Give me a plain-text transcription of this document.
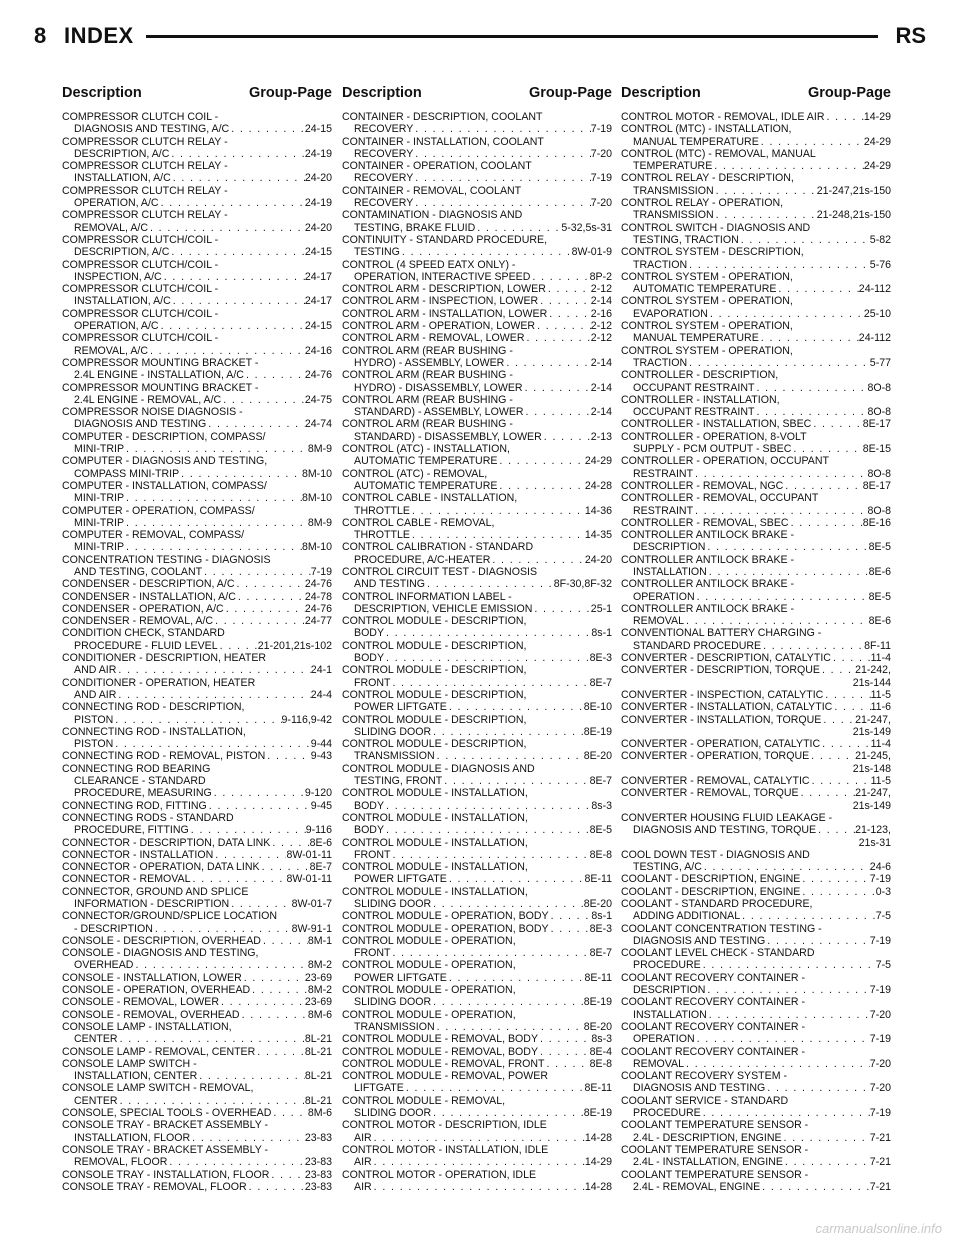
8 INDEX	RS
Description	Group-Page Description	Group-Page Description	Group-Page
COMPRESSOR CLUTCH COIL -
DIAGNOSIS AND TESTING, A/C . . .	24-15
COMPRESSOR CLUTCH RELAY -
DESCRIPTION, A/C . . .	24-19
COMPRESSOR CLUTCH RELAY -
INSTALLATION, A/C . . .	24-20
COMPRESSOR CLUTCH RELAY -
OPERATION, A/C . . .	24-19
COMPRESSOR CLUTCH RELAY -
REMOVAL, A/C . . .	24-20
COMPRESSOR CLUTCH/COIL -
DESCRIPTION, A/C . . .	24-15
COMPRESSOR CLUTCH/COIL -
INSPECTION, A/C . . .	24-17
COMPRESSOR CLUTCH/COIL -
INSTALLATION, A/C . . .	24-17
COMPRESSOR CLUTCH/COIL -
OPERATION, A/C . . .	24-15
COMPRESSOR CLUTCH/COIL -
REMOVAL, A/C . . .	24-16
COMPRESSOR MOUNTING BRACKET -
2.4L ENGINE - INSTALLATION, A/C . . .	24-76
COMPRESSOR MOUNTING BRACKET -
2.4L ENGINE - REMOVAL, A/C . . .	24-75
COMPRESSOR NOISE DIAGNOSIS -
DIAGNOSIS AND TESTING . . .	24-74
COMPUTER - DESCRIPTION, COMPASS/
MINI-TRIP . . .	8M-9
COMPUTER - DIAGNOSIS AND TESTING,
COMPASS MINI-TRIP . . .	8M-10
COMPUTER - INSTALLATION, COMPASS/
MINI-TRIP . . .	8M-10
COMPUTER - OPERATION, COMPASS/
MINI-TRIP . . .	8M-9
COMPUTER - REMOVAL, COMPASS/
MINI-TRIP . . .	8M-10
CONCENTRATION TESTING - DIAGNOSIS
AND TESTING, COOLANT . . .	7-19
CONDENSER - DESCRIPTION, A/C . . .	24-76
CONDENSER - INSTALLATION, A/C . . .	24-78
CONDENSER - OPERATION, A/C . . .	24-76
CONDENSER - REMOVAL, A/C . . .	24-77
CONDITION CHECK, STANDARD
PROCEDURE - FLUID LEVEL . . .	21-201,21s-102
CONDITIONER - DESCRIPTION, HEATER
AND AIR . . .	24-1
CONDITIONER - OPERATION, HEATER
AND AIR . . .	24-4
CONNECTING ROD - DESCRIPTION,
PISTON . . .	9-116,9-42
CONNECTING ROD - INSTALLATION,
PISTON . . .	9-44
CONNECTING ROD - REMOVAL, PISTON . . .	9-43
CONNECTING ROD BEARING
CLEARANCE - STANDARD
PROCEDURE, MEASURING . . .	9-120
CONNECTING ROD, FITTING . . .	9-45
CONNECTING RODS - STANDARD
PROCEDURE, FITTING . . .	9-116
CONNECTOR - DESCRIPTION, DATA LINK . . .	8E-6
CONNECTOR - INSTALLATION . . .	8W-01-11
CONNECTOR - OPERATION, DATA LINK . . .	8E-7
CONNECTOR - REMOVAL . . .	8W-01-11
CONNECTOR, GROUND AND SPLICE
INFORMATION - DESCRIPTION . . .	8W-01-7
CONNECTOR/GROUND/SPLICE LOCATION
- DESCRIPTION . . .	8W-91-1
CONSOLE - DESCRIPTION, OVERHEAD . . .	8M-1
CONSOLE - DIAGNOSIS AND TESTING,
OVERHEAD . . .	8M-2
CONSOLE - INSTALLATION, LOWER . . .	23-69
CONSOLE - OPERATION, OVERHEAD . . .	8M-2
CONSOLE - REMOVAL, LOWER . . .	23-69
CONSOLE - REMOVAL, OVERHEAD . . .	8M-6
CONSOLE LAMP - INSTALLATION,
CENTER . . .	8L-21
CONSOLE LAMP - REMOVAL, CENTER . . .	8L-21
CONSOLE LAMP SWITCH -
INSTALLATION, CENTER . . .	8L-21
CONSOLE LAMP SWITCH - REMOVAL,
CENTER . . .	8L-21
CONSOLE, SPECIAL TOOLS - OVERHEAD . . .	8M-6
CONSOLE TRAY - BRACKET ASSEMBLY -
INSTALLATION, FLOOR . . .	23-83
CONSOLE TRAY - BRACKET ASSEMBLY -
REMOVAL, FLOOR . . .	23-83
CONSOLE TRAY - INSTALLATION, FLOOR . . .	23-83
CONSOLE TRAY - REMOVAL, FLOOR . . .	23-83
CONTAINER - DESCRIPTION, COOLANT
RECOVERY . . .	7-19
CONTAINER - INSTALLATION, COOLANT
RECOVERY . . .	7-20
CONTAINER - OPERATION, COOLANT
RECOVERY . . .	7-19
CONTAINER - REMOVAL, COOLANT
RECOVERY . . .	7-20
CONTAMINATION - DIAGNOSIS AND
TESTING, BRAKE FLUID . . .	5-32,5s-31
CONTINUITY - STANDARD PROCEDURE,
TESTING . . .	8W-01-9
CONTROL (4 SPEED EATX ONLY) -
OPERATION, INTERACTIVE SPEED . . .	8P-2
CONTROL ARM - DESCRIPTION, LOWER . . .	2-12
CONTROL ARM - INSPECTION, LOWER . . .	2-14
CONTROL ARM - INSTALLATION, LOWER . . .	2-16
CONTROL ARM - OPERATION, LOWER . . .	2-12
CONTROL ARM - REMOVAL, LOWER . . .	2-12
CONTROL ARM (REAR BUSHING -
HYDRO) - ASSEMBLY, LOWER . . .	2-14
CONTROL ARM (REAR BUSHING -
HYDRO) - DISASSEMBLY, LOWER . . .	2-14
CONTROL ARM (REAR BUSHING -
STANDARD) - ASSEMBLY, LOWER . . .	2-14
CONTROL ARM (REAR BUSHING -
STANDARD) - DISASSEMBLY, LOWER . . .	2-13
CONTROL (ATC) - INSTALLATION,
AUTOMATIC TEMPERATURE . . .	24-29
CONTROL (ATC) - REMOVAL,
AUTOMATIC TEMPERATURE . . .	24-28
CONTROL CABLE - INSTALLATION,
THROTTLE . . .	14-36
CONTROL CABLE - REMOVAL,
THROTTLE . . .	14-35
CONTROL CALIBRATION - STANDARD
PROCEDURE, A/C-HEATER . . .	24-20
CONTROL CIRCUIT TEST - DIAGNOSIS
AND TESTING . . .	8F-30,8F-32
CONTROL INFORMATION LABEL -
DESCRIPTION, VEHICLE EMISSION . . .	25-1
CONTROL MODULE - DESCRIPTION,
BODY . . .	8s-1
CONTROL MODULE - DESCRIPTION,
BODY . . .	8E-3
CONTROL MODULE - DESCRIPTION,
FRONT . . .	8E-7
CONTROL MODULE - DESCRIPTION,
POWER LIFTGATE . . .	8E-10
CONTROL MODULE - DESCRIPTION,
SLIDING DOOR . . .	8E-19
CONTROL MODULE - DESCRIPTION,
TRANSMISSION . . .	8E-20
CONTROL MODULE - DIAGNOSIS AND
TESTING, FRONT . . .	8E-7
CONTROL MODULE - INSTALLATION,
BODY . . .	8s-3
CONTROL MODULE - INSTALLATION,
BODY . . .	8E-5
CONTROL MODULE - INSTALLATION,
FRONT . . .	8E-8
CONTROL MODULE - INSTALLATION,
POWER LIFTGATE . . .	8E-11
CONTROL MODULE - INSTALLATION,
SLIDING DOOR . . .	8E-20
CONTROL MODULE - OPERATION, BODY . . .	8s-1
CONTROL MODULE - OPERATION, BODY . . .	8E-3
CONTROL MODULE - OPERATION,
FRONT . . .	8E-7
CONTROL MODULE - OPERATION,
POWER LIFTGATE . . .	8E-11
CONTROL MODULE - OPERATION,
SLIDING DOOR . . .	8E-19
CONTROL MODULE - OPERATION,
TRANSMISSION . . .	8E-20
CONTROL MODULE - REMOVAL, BODY . . .	8s-3
CONTROL MODULE - REMOVAL, BODY . . .	8E-4
CONTROL MODULE - REMOVAL, FRONT . . .	8E-8
CONTROL MODULE - REMOVAL, POWER
LIFTGATE . . .	8E-11
CONTROL MODULE - REMOVAL,
SLIDING DOOR . . .	8E-19
CONTROL MOTOR - DESCRIPTION, IDLE
AIR . . .	14-28
CONTROL MOTOR - INSTALLATION, IDLE
AIR . . .	14-29
CONTROL MOTOR - OPERATION, IDLE
AIR . . .	14-28
CONTROL MOTOR - REMOVAL, IDLE AIR . . .	14-29
CONTROL (MTC) - INSTALLATION,
MANUAL TEMPERATURE . . .	24-29
CONTROL (MTC) - REMOVAL, MANUAL
TEMPERATURE . . .	24-29
CONTROL RELAY - DESCRIPTION,
TRANSMISSION . . .	21-247,21s-150
CONTROL RELAY - OPERATION,
TRANSMISSION . . .	21-248,21s-150
CONTROL SWITCH - DIAGNOSIS AND
TESTING, TRACTION . . .	5-82
CONTROL SYSTEM - DESCRIPTION,
TRACTION . . .	5-76
CONTROL SYSTEM - OPERATION,
AUTOMATIC TEMPERATURE . . .	24-112
CONTROL SYSTEM - OPERATION,
EVAPORATION . . .	25-10
CONTROL SYSTEM - OPERATION,
MANUAL TEMPERATURE . . .	24-112
CONTROL SYSTEM - OPERATION,
TRACTION . . .	5-77
CONTROLLER - DESCRIPTION,
OCCUPANT RESTRAINT . . .	8O-8
CONTROLLER - INSTALLATION,
OCCUPANT RESTRAINT . . .	8O-8
CONTROLLER - INSTALLATION, SBEC . . .	8E-17
CONTROLLER - OPERATION, 8-VOLT
SUPPLY - PCM OUTPUT - SBEC . . .	8E-15
CONTROLLER - OPERATION, OCCUPANT
RESTRAINT . . .	8O-8
CONTROLLER - REMOVAL, NGC . . .	8E-17
CONTROLLER - REMOVAL, OCCUPANT
RESTRAINT . . .	8O-8
CONTROLLER - REMOVAL, SBEC . . .	8E-16
CONTROLLER ANTILOCK BRAKE -
DESCRIPTION . . .	8E-5
CONTROLLER ANTILOCK BRAKE -
INSTALLATION . . .	8E-6
CONTROLLER ANTILOCK BRAKE -
OPERATION . . .	8E-5
CONTROLLER ANTILOCK BRAKE -
REMOVAL . . .	8E-6
CONVENTIONAL BATTERY CHARGING -
STANDARD PROCEDURE . . .	8F-11
CONVERTER - DESCRIPTION, CATALYTIC . . .	11-4
CONVERTER - DESCRIPTION, TORQUE . . .	21-242,
21s-144
CONVERTER - INSPECTION, CATALYTIC . . .	11-5
CONVERTER - INSTALLATION, CATALYTIC . . .	11-6
CONVERTER - INSTALLATION, TORQUE . . .	21-247,
21s-149
CONVERTER - OPERATION, CATALYTIC . . .	11-4
CONVERTER - OPERATION, TORQUE . . .	21-245,
21s-148
CONVERTER - REMOVAL, CATALYTIC . . .	11-5
CONVERTER - REMOVAL, TORQUE . . .	21-247,
21s-149
CONVERTER HOUSING FLUID LEAKAGE -
DIAGNOSIS AND TESTING, TORQUE . . .	21-123,
21s-31
COOL DOWN TEST - DIAGNOSIS AND
TESTING, A/C . . .	24-6
COOLANT - DESCRIPTION, ENGINE . . .	7-19
COOLANT - DESCRIPTION, ENGINE . . .	0-3
COOLANT - STANDARD PROCEDURE,
ADDING ADDITIONAL . . .	7-5
COOLANT CONCENTRATION TESTING -
DIAGNOSIS AND TESTING . . .	7-19
COOLANT LEVEL CHECK - STANDARD
PROCEDURE . . .	7-5
COOLANT RECOVERY CONTAINER -
DESCRIPTION . . .	7-19
COOLANT RECOVERY CONTAINER -
INSTALLATION . . .	7-20
COOLANT RECOVERY CONTAINER -
OPERATION . . .	7-19
COOLANT RECOVERY CONTAINER -
REMOVAL . . .	7-20
COOLANT RECOVERY SYSTEM -
DIAGNOSIS AND TESTING . . .	7-20
COOLANT SERVICE - STANDARD
PROCEDURE . . .	7-19
COOLANT TEMPERATURE SENSOR -
2.4L - DESCRIPTION, ENGINE . . .	7-21
COOLANT TEMPERATURE SENSOR -
2.4L - INSTALLATION, ENGINE . . .	7-21
COOLANT TEMPERATURE SENSOR -
2.4L - REMOVAL, ENGINE . . .	7-21
carmanualsonline.info
